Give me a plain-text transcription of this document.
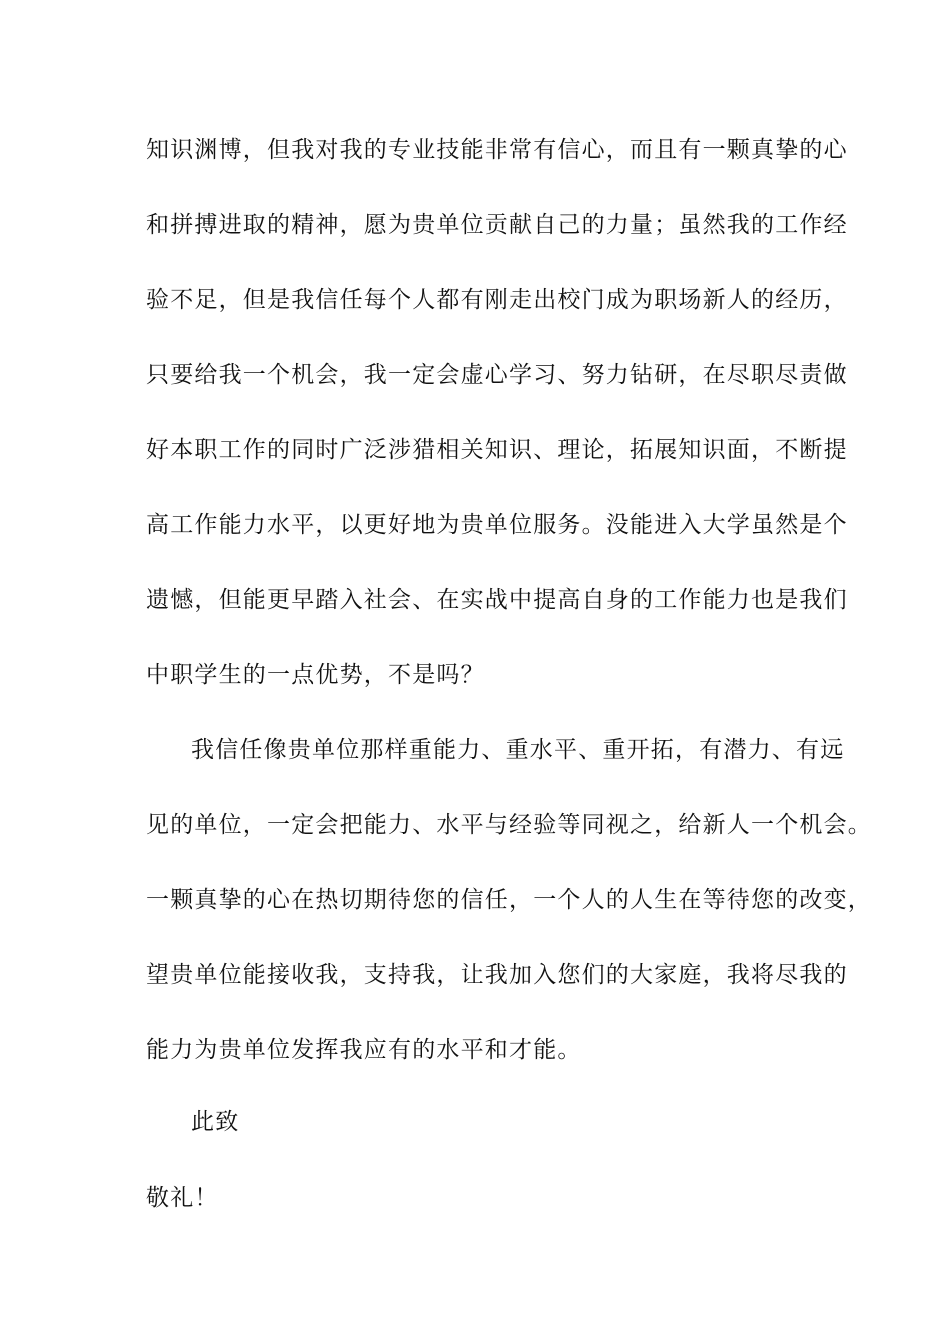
知识渊博，但我对我的专业技能非常有信心，而且有一颗真挚的心
和拼搏进取的精神，愿为贵单位贡献自己的力量；虽然我的工作经
验不足，但是我信任每个人都有刚走出校门成为职场新人的经历，
只要给我一个机会，我一定会虚心学习、努力钻研，在尽职尽责做
好本职工作的同时广泛涉猎相关知识、理论，拓展知识面，不断提
高工作能力水平，以更好地为贵单位服务。没能进入大学虽然是个
遗憾，但能更早踏入社会、在实战中提高自身的工作能力也是我们
中职学生的一点优势，不是吗？
我信任像贵单位那样重能力、重水平、重开拓，有潜力、有远
见的单位，一定会把能力、水平与经验等同视之，给新人一个机会。
一颗真挚的心在热切期待您的信任，一个人的人生在等待您的改变，
望贵单位能接收我，支持我，让我加入您们的大家庭，我将尽我的
能力为贵单位发挥我应有的水平和才能。
此致
敬礼！
